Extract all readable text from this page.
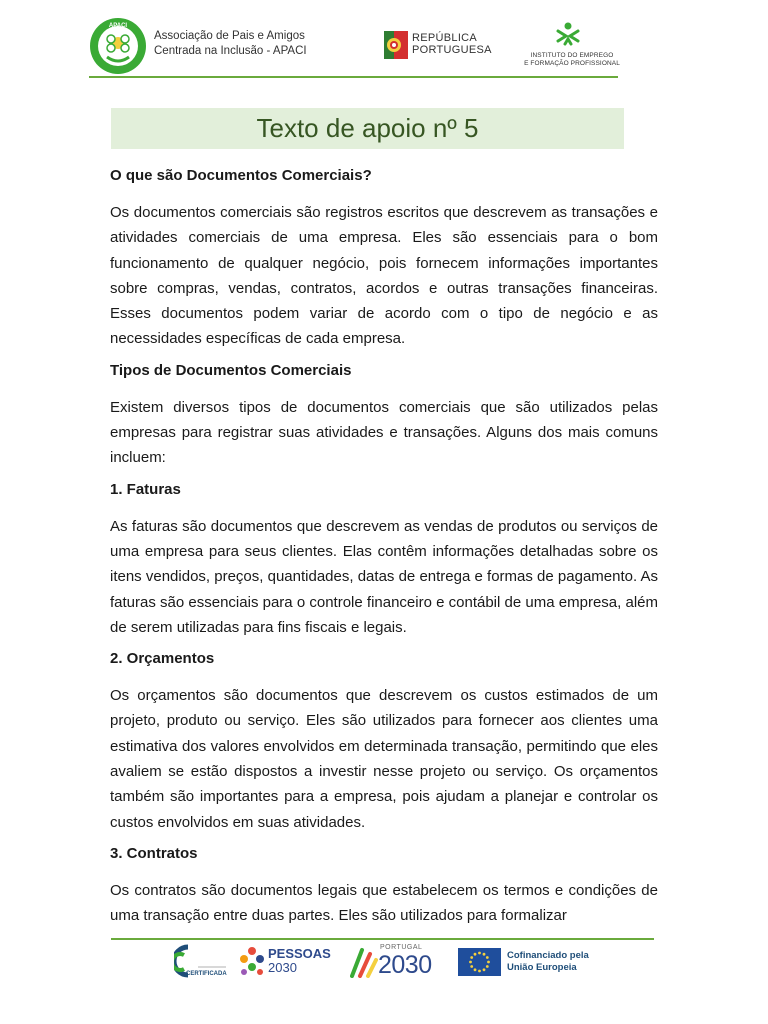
APACI
Associação de Pais e Amigos
Centrada na Inclusão - APACI
REPÚBLICA
PORTUGUESA	INSTITUTO DO EMPREGO
E FORMAÇÃO PROFISSIONAL
Texto de apoio nº 5
O que são Documentos Comerciais?

Os documentos comerciais são registros escritos que descrevem as transações e atividades comerciais de uma empresa. Eles são essenciais para o bom funcionamento de qualquer negócio, pois fornecem informações importantes sobre compras, vendas, contratos, acordos e outras transações financeiras. Esses documentos podem variar de acordo com o tipo de negócio e as necessidades específicas de cada empresa.

Tipos de Documentos Comerciais

Existem diversos tipos de documentos comerciais que são utilizados pelas empresas para registrar suas atividades e transações. Alguns dos mais comuns incluem:

1. Faturas

As faturas são documentos que descrevem as vendas de produtos ou serviços de uma empresa para seus clientes. Elas contêm informações detalhadas sobre os itens vendidos, preços, quantidades, datas de entrega e formas de pagamento. As faturas são essenciais para o controle financeiro e contábil de uma empresa, além de serem utilizadas para fins fiscais e legais.

2. Orçamentos

Os orçamentos são documentos que descrevem os custos estimados de um projeto, produto ou serviço. Eles são utilizados para fornecer aos clientes uma estimativa dos valores envolvidos em determinada transação, permitindo que eles avaliem se estão dispostos a investir nesse projeto ou serviço. Os orçamentos também são importantes para a empresa, pois ajudam a planejar e controlar os custos envolvidos em suas atividades.

3. Contratos

Os contratos são documentos legais que estabelecem os termos e condições de uma transação entre duas partes. Eles são utilizados para formalizar

CERTIFICADA
PESSOAS
2030
PORTUGAL
2030	Cofinanciado pela
União Europeia
